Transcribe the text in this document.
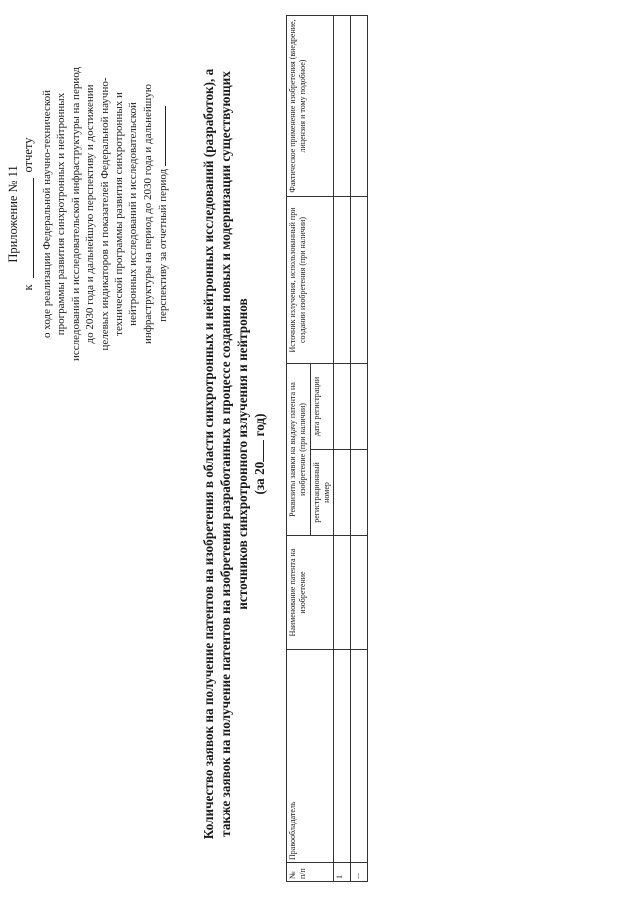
Приложение № 11
к
отчету о ходе реализации Федеральной научно-технической программы развития синхротронных и нейтронных исследований и исследовательской инфраструктуры на период до 2030 года и дальнейшую перспективу и достижении целевых индикаторов и показателей Федеральной научно-технической программы развития синхротронных и нейтронных исследований и исследовательской инфраструктуры на период до 2030 года и дальнейшую перспективу за отчетный период Количество заявок на получение патентов на изобретения в области синхротронных и нейтронных исследований (разработок), а также заявок на получение патентов на изобретения разработанных в процессе создания новых и модернизации существующих источников синхротронного излучения и нейтронов (за 20 год)
№ п/п	Правообладатель	Наименование патента на изобретение	Реквизиты заявки на выдачу патента на изобретение (при наличии)		Источник излучения, использованный при создании изобретения (при наличии)	Фактическое применение изобретения (внедрение, лицензия и тому подобное)
			регистрационный номер	дата регистрации		
1						
...						
